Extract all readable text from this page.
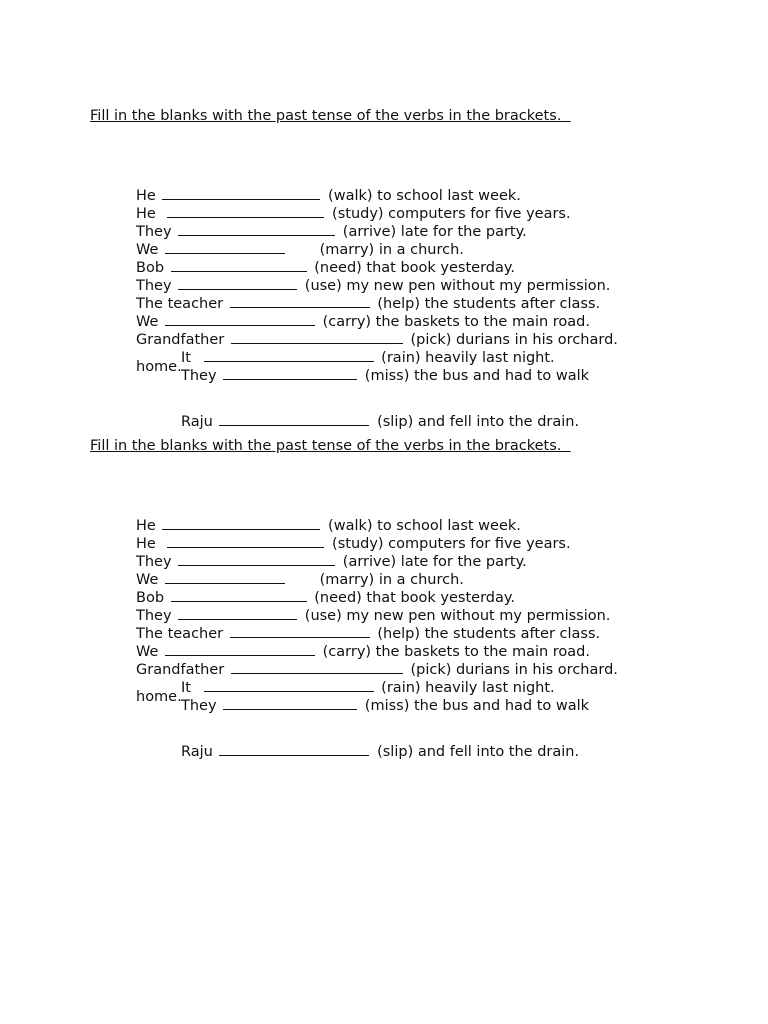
Fill in the blanks with the past tense of the verbs in the brackets.

He	(walk) to school last week.

He	(study) computers for five years.

They	(arrive) late for the party.

We	(marry) in a church.

Bob	(need) that book yesterday.

They	(use) my new pen without my permission.

The teacher	(help) the students after class.

We	(carry) the baskets to the main road.

Grandfather	(pick) durians in his orchard.

It	(rain) heavily last night.

They	(miss) the bus and had to walk

home.

Raju	(slip) and fell into the drain.

Fill in the blanks with the past tense of the verbs in the brackets.

He	(walk) to school last week.

He	(study) computers for five years.

They	(arrive) late for the party.

We	(marry) in a church.

Bob	(need) that book yesterday.

They	(use) my new pen without my permission.

The teacher	(help) the students after class.

We	(carry) the baskets to the main road.

Grandfather	(pick) durians in his orchard.

It	(rain) heavily last night.

They	(miss) the bus and had to walk

home.

Raju	(slip) and fell into the drain.
